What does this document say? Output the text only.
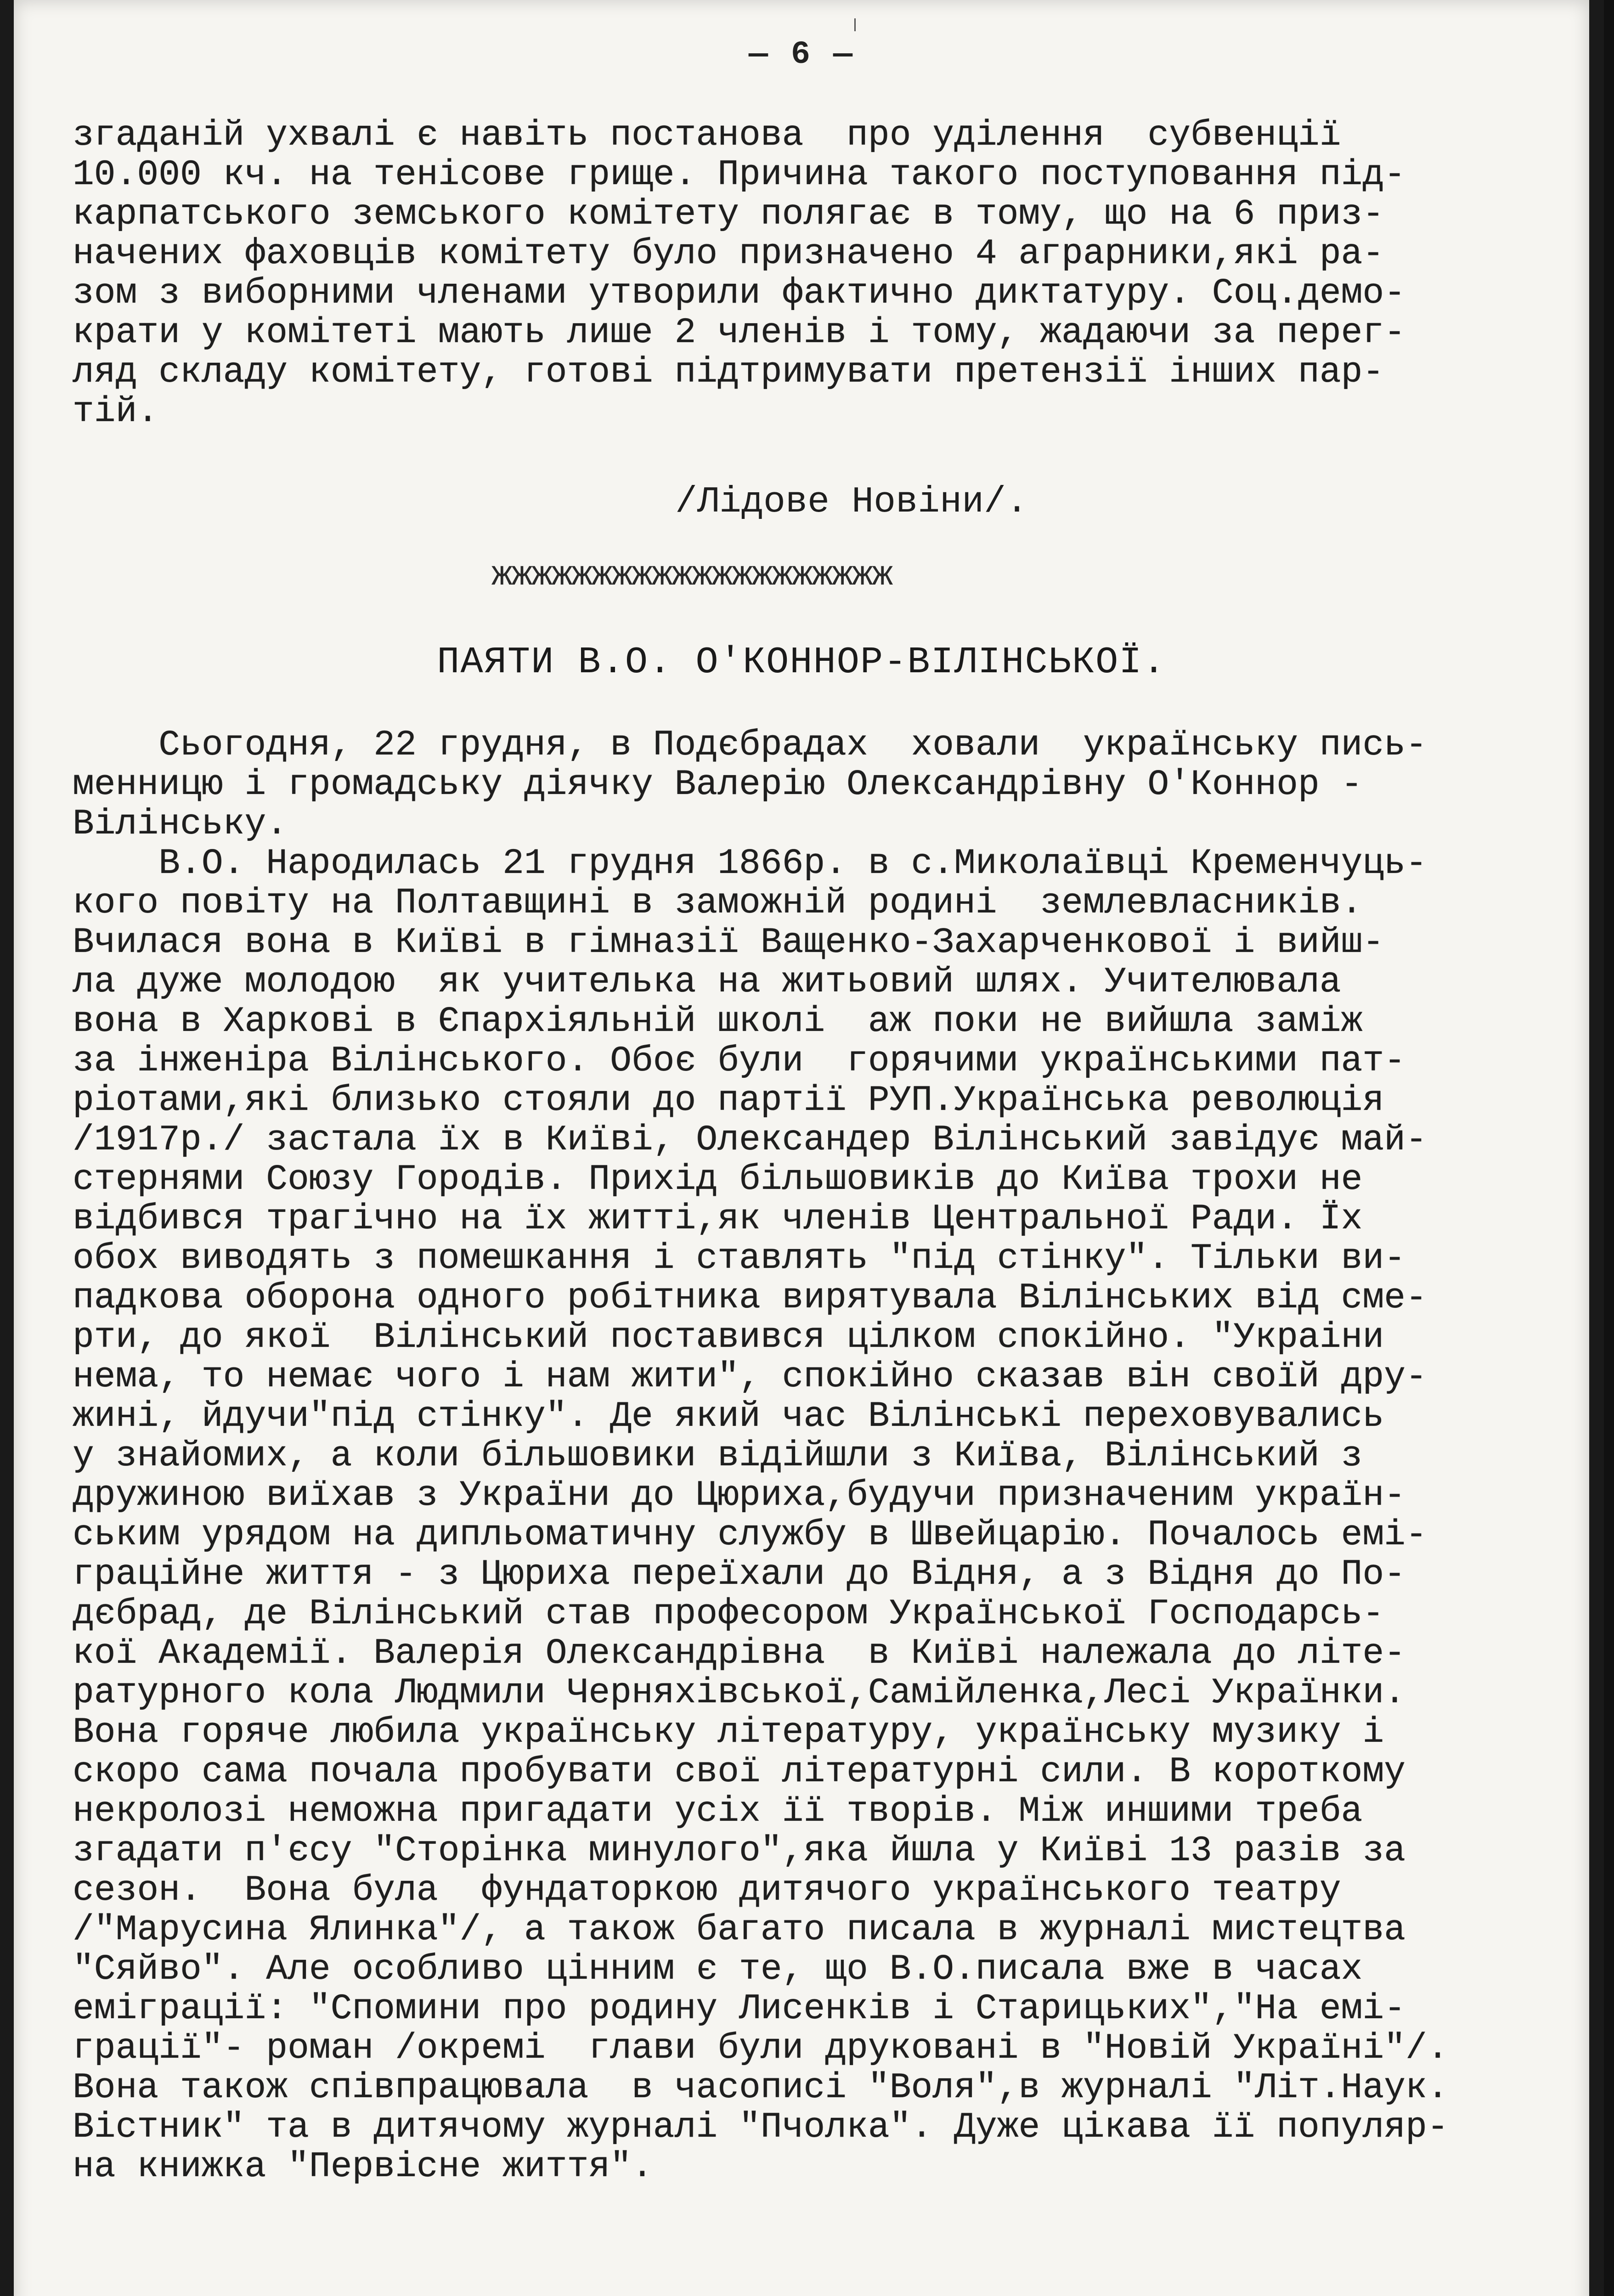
— 6 —
згаданій ухвалі є навіть постанова  про уділення  субвенції
10.000 кч. на тенісове грище. Причина такого поступовання під-
карпатського земського комітету полягає в тому, що на 6 приз-
начених фаховців комітету було призначено 4 аграрники,які ра-
зом з виборними членами утворили фактично диктатуру. Соц.демо-
крати у комітеті мають лише 2 членів і тому, жадаючи за перег-
ляд складу комітету, готові підтримувати претензії інших пар-
тій.
/Лідове Новіни/.
жжжжжжжжжжжжжжжжжжжж
ПАЯТИ В.О. О'КОННОР-ВІЛІНСЬКОЇ.
Сьогодня, 22 грудня, в Подєбрадах  ховали  українську пись-
менницю і громадську діячку Валерію Олександрівну О'Коннор -
Вілінську.
В.О. Народилась 21 грудня 1866р. в с.Миколаївці Кременчуць-
кого повіту на Полтавщині в заможній родині  землевласників.
Вчилася вона в Київі в гімназії Ващенко-Захарченкової і вийш-
ла дуже молодою  як учителька на житьовий шлях. Учителювала
вона в Харкові в Єпархіяльній школі  аж поки не вийшла заміж
за інженіра Вілінського. Обоє були  горячими українськими пат-
ріотами,які близько стояли до партії РУП.Українська революція
/1917р./ застала їх в Київі, Олександер Вілінський завідує май-
стернями Союзу Городів. Прихід більшовиків до Київа трохи не
відбився трагічно на їх житті,як членів Центральної Ради. Їх
обох виводять з помешкання і ставлять "під стінку". Тільки ви-
падкова оборона одного робітника вирятувала Вілінських від сме-
рти, до якої  Вілінський поставився цілком спокійно. "Украіни
нема, то немає чого і нам жити", спокійно сказав він своїй дру-
жині, йдучи"під стінку". Де який час Вілінські переховувались
у знайомих, а коли більшовики відійшли з Київа, Вілінський з
дружиною виїхав з України до Цюриха,будучи призначеним україн-
ським урядом на дипльоматичну службу в Швейцарію. Почалось емі-
граційне життя - з Цюриха переїхали до Відня, а з Відня до По-
дєбрад, де Вілінський став професором Української Господарсь-
кої Академії. Валерія Олександрівна  в Київі належала до літе-
ратурного кола Людмили Черняхівської,Самійленка,Лесі Українки.
Вона горяче любила українську літературу, українську музику і
скоро сама почала пробувати свої літературні сили. В короткому
некролозі неможна пригадати усіх її творів. Між иншими треба
згадати п'єсу "Сторінка минулого",яка йшла у Київі 13 разів за
сезон.  Вона була  фундаторкою дитячого українського театру
/"Марусина Ялинка"/, а також багато писала в журналі мистецтва
"Сяйво". Але особливо цінним є те, що В.О.писала вже в часах
еміграції: "Спомини про родину Лисенків і Старицьких","На емі-
грації"- роман /окремі  глави були друковані в "Новій Україні"/.
Вона також співпрацювала  в часописі "Воля",в журналі "Літ.Наук.
Вістник" та в дитячому журналі "Пчолка". Дуже цікава її популяр-
на книжка "Первісне життя".
